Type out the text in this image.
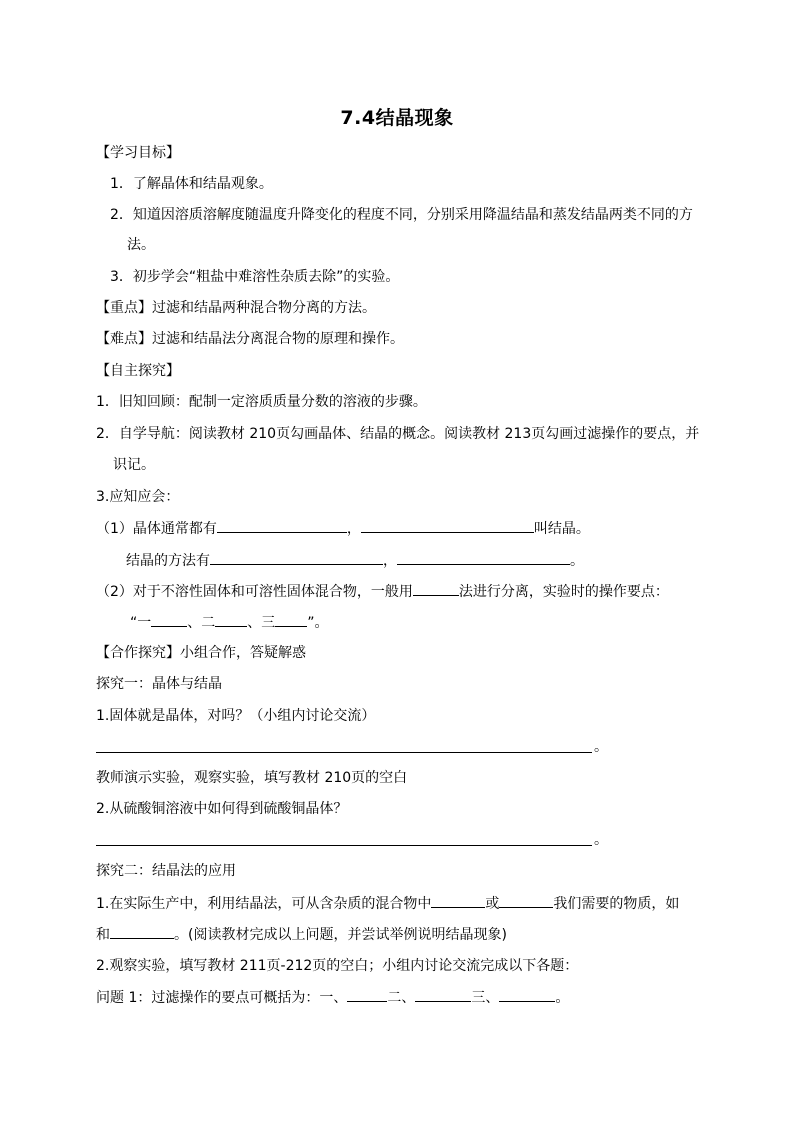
7.4结晶现象
【学习目标】
1．了解晶体和结晶观象。
2．知道因溶质溶解度随温度升降变化的程度不同，分别采用降温结晶和蒸发结晶两类不同的方
法。
3．初步学会“粗盐中难溶性杂质去除”的实验。
【重点】过滤和结晶两种混合物分离的方法。
【难点】过滤和结晶法分离混合物的原理和操作。
【自主探究】
1．旧知回顾：配制一定溶质质量分数的溶液的步骤。
2．自学导航：阅读教材 210页勾画晶体、结晶的概念。阅读教材 213页勾画过滤操作的要点，并
识记。
3.应知应会：
（1）晶体通常都有	，	叫结晶。
结晶的方法有	，	。
（2）对于不溶性固体和可溶性固体混合物，一般用	法进行分离，实验时的操作要点：
“一	、二 、三 ”。
【合作探究】小组合作，答疑解惑
探究一：晶体与结晶
1.固体就是晶体，对吗？（小组内讨论交流）
。
教师演示实验，观察实验，填写教材 210页的空白
2.从硫酸铜溶液中如何得到硫酸铜晶体？
。
探究二：结晶法的应用
1.在实际生产中，利用结晶法，可从含杂质的混合物中	或	我们需要的物质，如
和	。(阅读教材完成以上问题，并尝试举例说明结晶现象)
2.观察实验，填写教材 211页-212页的空白；小组内讨论交流完成以下各题：
问题 1：过滤操作的要点可概括为：一、	二、	三、	。
